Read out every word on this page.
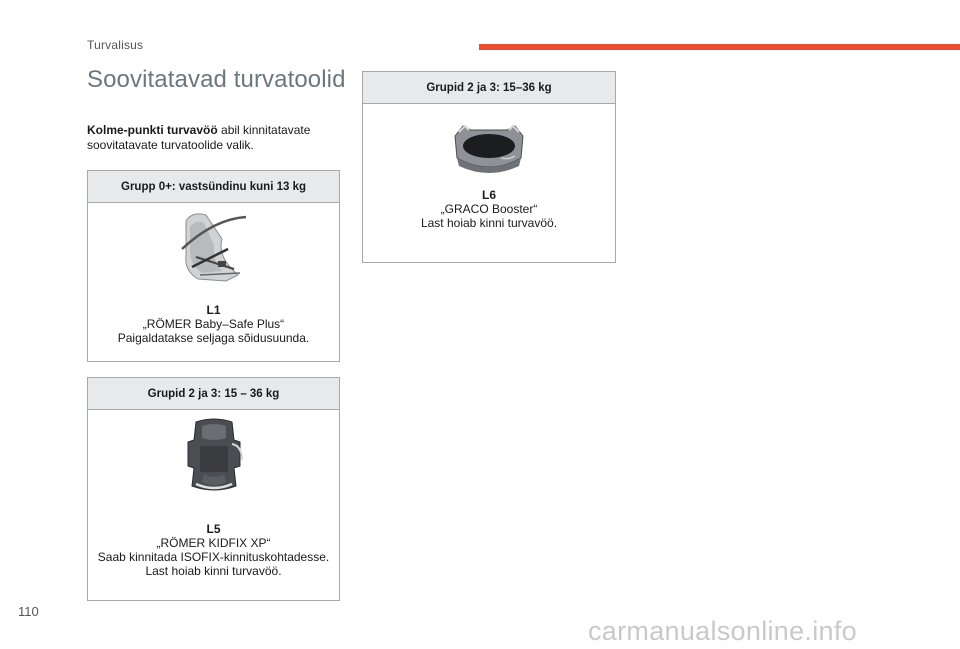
Turvalisus
Soovitatavad turvatoolid
Kolme-punkti turvavöö abil kinnitatavate soovitatavate turvatoolide valik.
Grupp 0+: vastsündinu kuni 13 kg
L1
„RÖMER Baby–Safe Plus“
Paigaldatakse seljaga sõidusuunda.
Grupid 2 ja 3: 15 – 36 kg
L5
„RÖMER KIDFIX XP“
Saab kinnitada ISOFIX-kinnituskohtadesse.
Last hoiab kinni turvavöö.
Grupid 2 ja 3: 15–36 kg
L6
„GRACO Booster“
Last hoiab kinni turvavöö.
110
carmanualsonline.info
